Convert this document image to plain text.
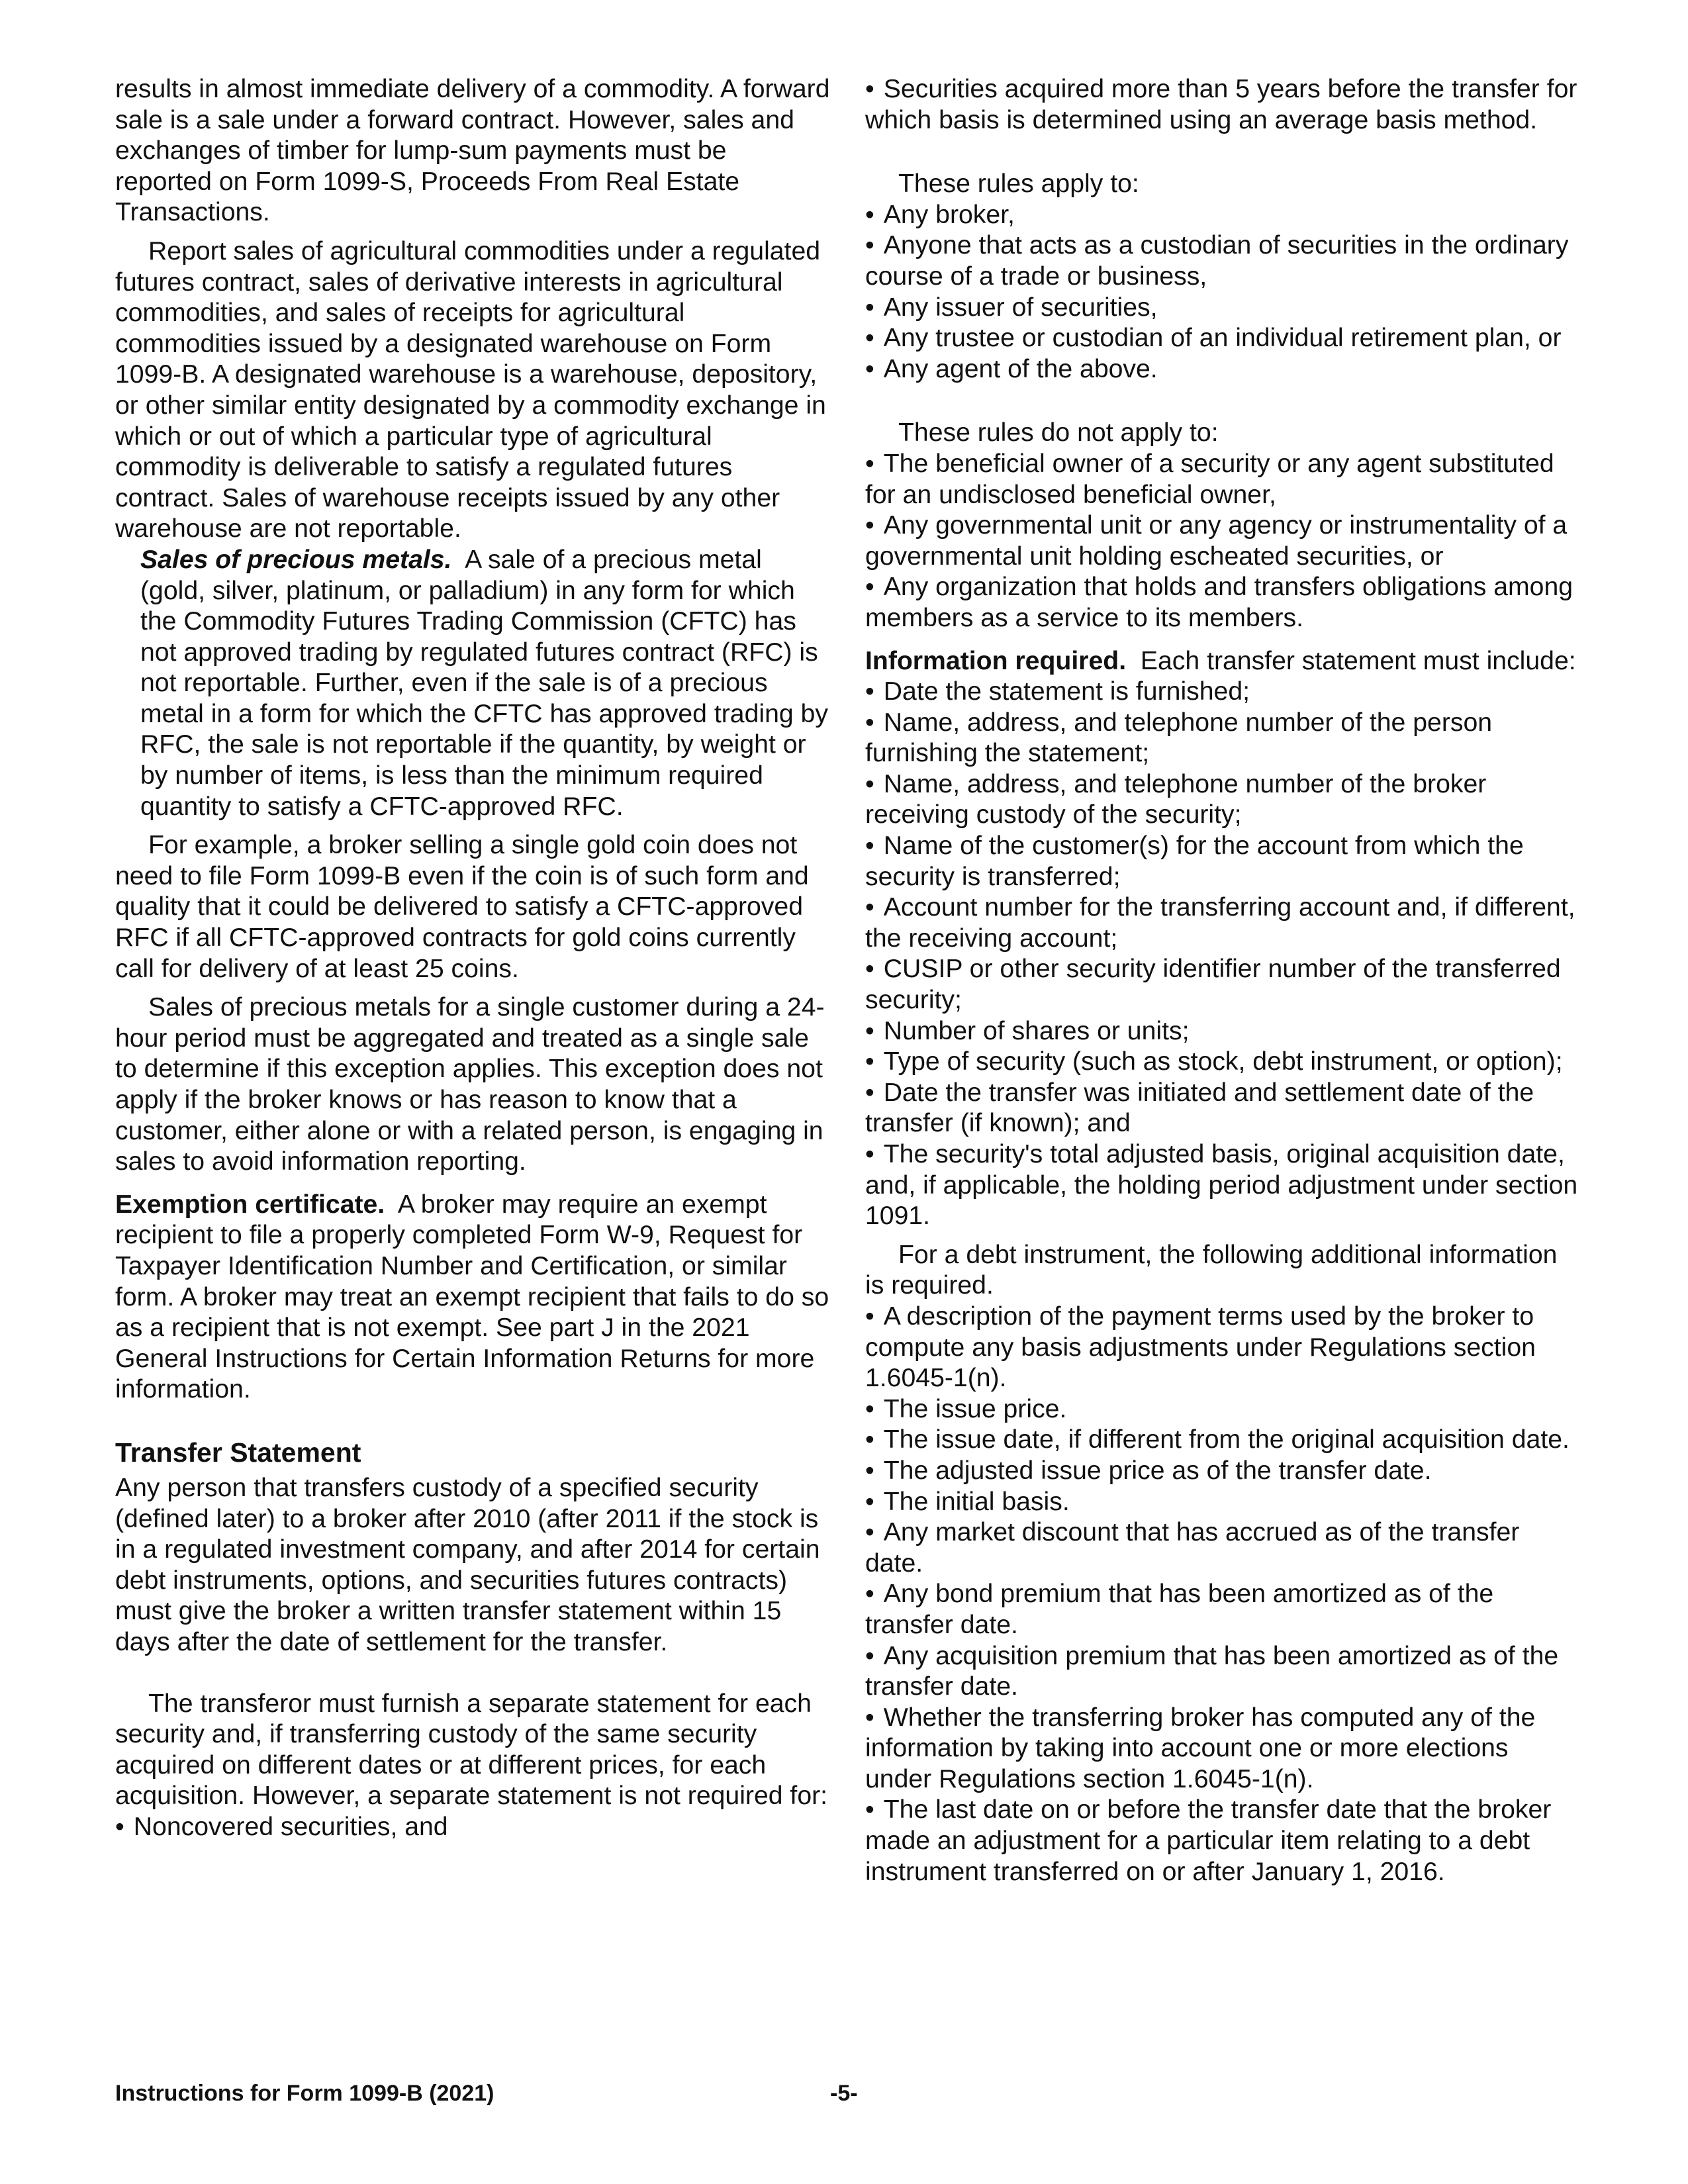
results in almost immediate delivery of a commodity. A forward sale is a sale under a forward contract. However, sales and exchanges of timber for lump-sum payments must be reported on Form 1099-S, Proceeds From Real Estate Transactions.

Report sales of agricultural commodities under a regulated futures contract, sales of derivative interests in agricultural commodities, and sales of receipts for agricultural commodities issued by a designated warehouse on Form 1099-B. A designated warehouse is a warehouse, depository, or other similar entity designated by a commodity exchange in which or out of which a particular type of agricultural commodity is deliverable to satisfy a regulated futures contract. Sales of warehouse receipts issued by any other warehouse are not reportable.

Sales of precious metals. A sale of a precious metal (gold, silver, platinum, or palladium) in any form for which the Commodity Futures Trading Commission (CFTC) has not approved trading by regulated futures contract (RFC) is not reportable. Further, even if the sale is of a precious metal in a form for which the CFTC has approved trading by RFC, the sale is not reportable if the quantity, by weight or by number of items, is less than the minimum required quantity to satisfy a CFTC-approved RFC.

For example, a broker selling a single gold coin does not need to file Form 1099-B even if the coin is of such form and quality that it could be delivered to satisfy a CFTC-approved RFC if all CFTC-approved contracts for gold coins currently call for delivery of at least 25 coins.

Sales of precious metals for a single customer during a 24-hour period must be aggregated and treated as a single sale to determine if this exception applies. This exception does not apply if the broker knows or has reason to know that a customer, either alone or with a related person, is engaging in sales to avoid information reporting.

Exemption certificate. A broker may require an exempt recipient to file a properly completed Form W-9, Request for Taxpayer Identification Number and Certification, or similar form. A broker may treat an exempt recipient that fails to do so as a recipient that is not exempt. See part J in the 2021 General Instructions for Certain Information Returns for more information.

Transfer Statement

Any person that transfers custody of a specified security (defined later) to a broker after 2010 (after 2011 if the stock is in a regulated investment company, and after 2014 for certain debt instruments, options, and securities futures contracts) must give the broker a written transfer statement within 15 days after the date of settlement for the transfer.

The transferor must furnish a separate statement for each security and, if transferring custody of the same security acquired on different dates or at different prices, for each acquisition. However, a separate statement is not required for:

• Noncovered securities, and
• Securities acquired more than 5 years before the transfer for which basis is determined using an average basis method.

These rules apply to:

• Any broker,
• Anyone that acts as a custodian of securities in the ordinary course of a trade or business,
• Any issuer of securities,
• Any trustee or custodian of an individual retirement plan, or
• Any agent of the above.

These rules do not apply to:

• The beneficial owner of a security or any agent substituted for an undisclosed beneficial owner,
• Any governmental unit or any agency or instrumentality of a governmental unit holding escheated securities, or
• Any organization that holds and transfers obligations among members as a service to its members.

Information required. Each transfer statement must include:

• Date the statement is furnished;
• Name, address, and telephone number of the person furnishing the statement;
• Name, address, and telephone number of the broker receiving custody of the security;
• Name of the customer(s) for the account from which the security is transferred;
• Account number for the transferring account and, if different, the receiving account;
• CUSIP or other security identifier number of the transferred security;
• Number of shares or units;
• Type of security (such as stock, debt instrument, or option);
• Date the transfer was initiated and settlement date of the transfer (if known); and
• The security's total adjusted basis, original acquisition date, and, if applicable, the holding period adjustment under section 1091.

For a debt instrument, the following additional information is required.

• A description of the payment terms used by the broker to compute any basis adjustments under Regulations section 1.6045-1(n).
• The issue price.
• The issue date, if different from the original acquisition date.
• The adjusted issue price as of the transfer date.
• The initial basis.
• Any market discount that has accrued as of the transfer date.
• Any bond premium that has been amortized as of the transfer date.
• Any acquisition premium that has been amortized as of the transfer date.
• Whether the transferring broker has computed any of the information by taking into account one or more elections under Regulations section 1.6045-1(n).
• The last date on or before the transfer date that the broker made an adjustment for a particular item relating to a debt instrument transferred on or after January 1, 2016.
Instructions for Form 1099-B (2021)	-5-
